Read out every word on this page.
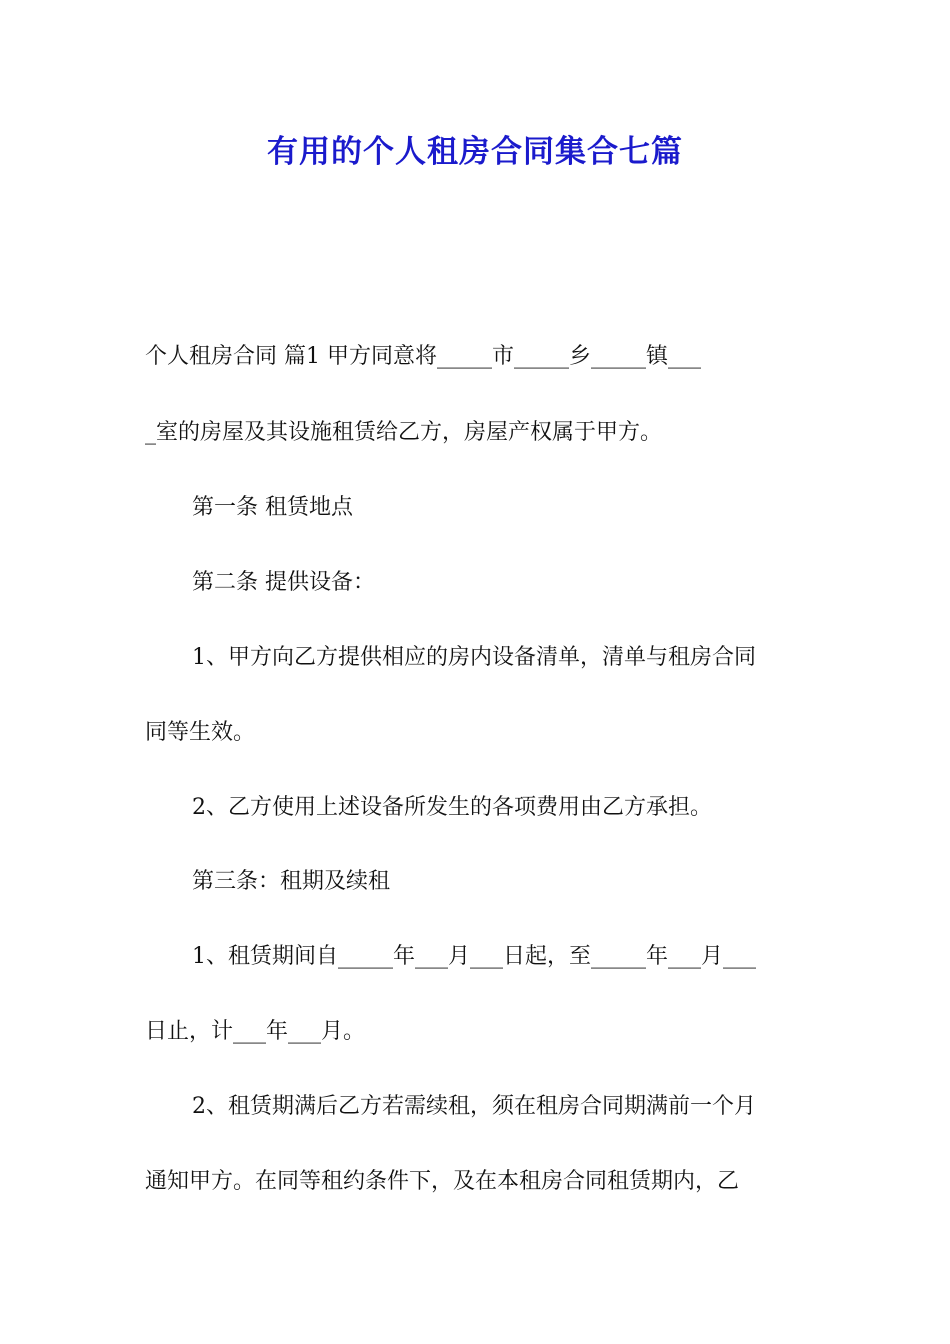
有用的个人租房合同集合七篇
个人租房合同 篇1 甲方同意将_____市_____乡_____镇___
_室的房屋及其设施租赁给乙方，房屋产权属于甲方。
第一条 租赁地点
第二条 提供设备：
1、甲方向乙方提供相应的房内设备清单，清单与租房合同
同等生效。
2、乙方使用上述设备所发生的各项费用由乙方承担。
第三条：租期及续租
1、租赁期间自_____年___月___日起，至_____年___月___
日止，计___年___月。
2、租赁期满后乙方若需续租，须在租房合同期满前一个月
通知甲方。在同等租约条件下，及在本租房合同租赁期内，乙
